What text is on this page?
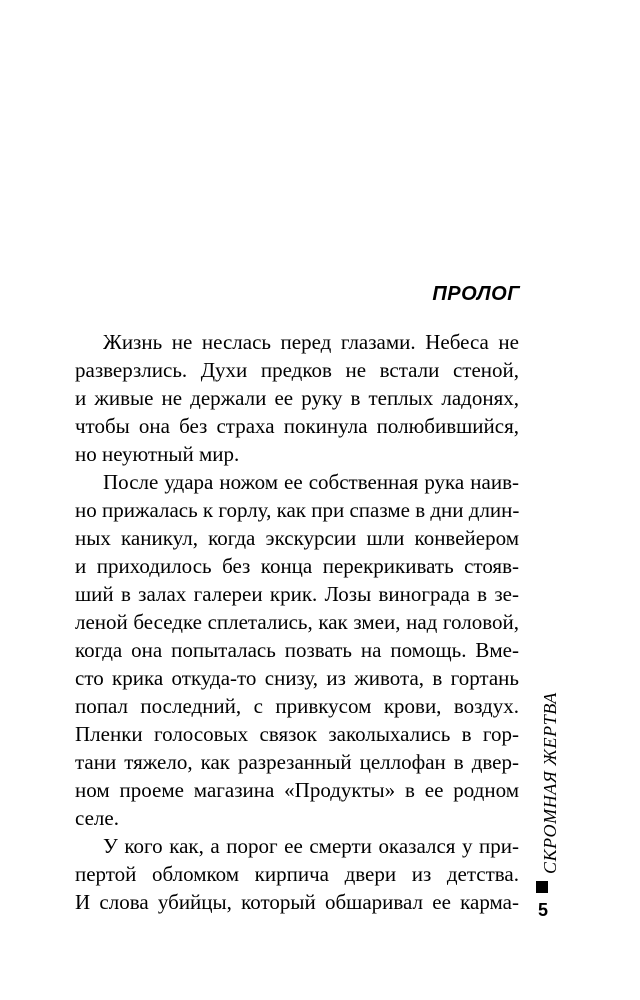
ПРОЛОГ
Жизнь не неслась перед глазами. Небеса не
разверзлись. Духи предков не встали стеной,
и живые не держали ее руку в теплых ладонях,
чтобы она без страха покинула полюбившийся,
но неуютный мир.
После удара ножом ее собственная рука наив-
но прижалась к горлу, как при спазме в дни длин-
ных каникул, когда экскурсии шли конвейером
и приходилось без конца перекрикивать стояв-
ший в залах галереи крик. Лозы винограда в зе-
леной беседке сплетались, как змеи, над головой,
когда она попыталась позвать на помощь. Вме-
сто крика откуда-то снизу, из живота, в гортань
попал последний, с привкусом крови, воздух.
Пленки голосовых связок заколыхались в гор-
тани тяжело, как разрезанный целлофан в двер-
ном проеме магазина «Продукты» в ее родном
селе.
У кого как, а порог ее смерти оказался у при-
пертой обломком кирпича двери из детства.
И слова убийцы, который обшаривал ее карма-
СКРОМНАЯ ЖЕРТВА
5
